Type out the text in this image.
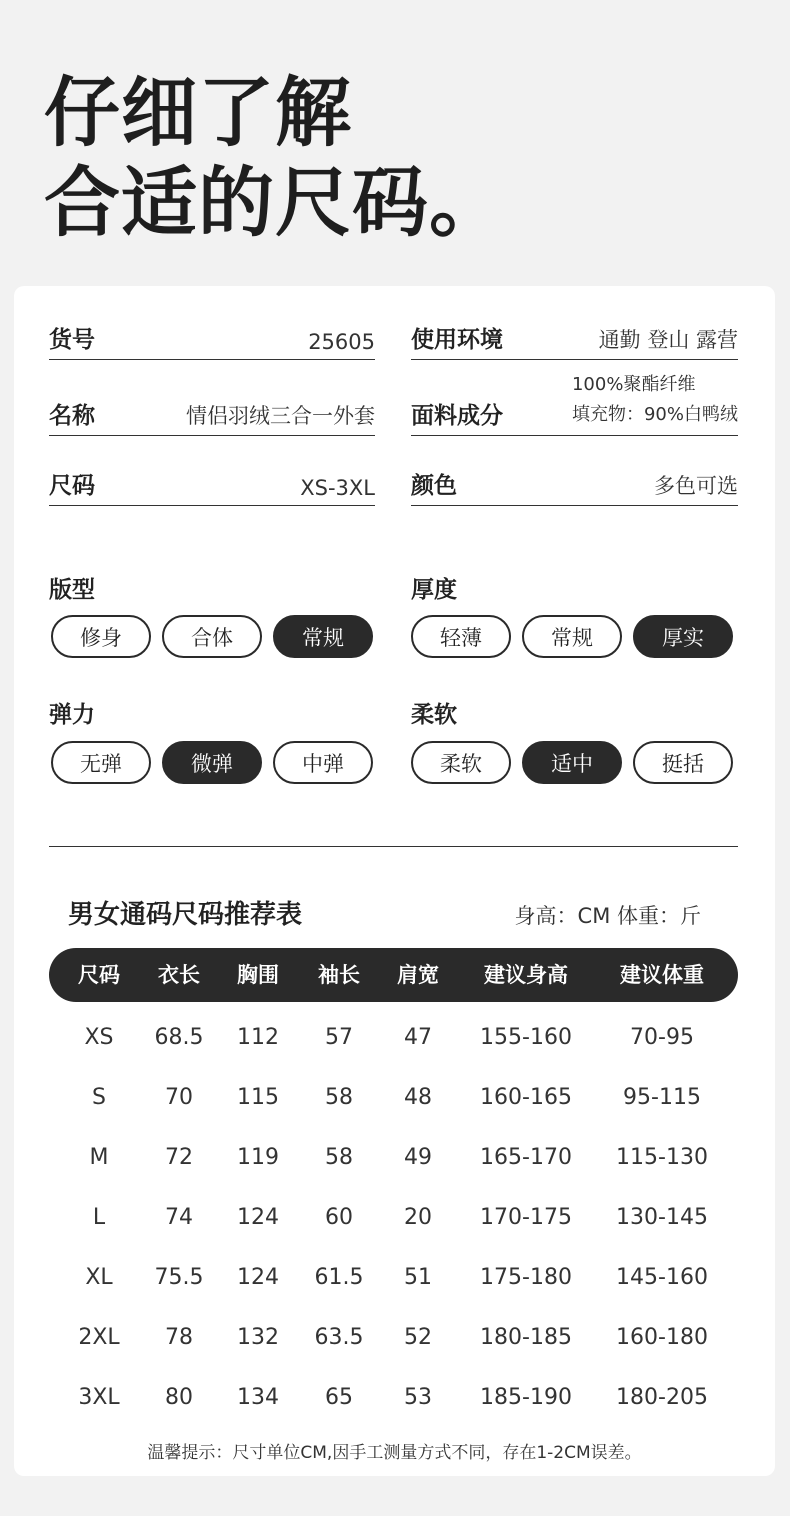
仔细了解
合适的尺码。
货号	25605 使用环境	通勤 登山 露营
名称	情侣羽绒三合一外套 面料成分
100%聚酯纤维
填充物：90%白鸭绒
尺码	XS-3XL 颜色	多色可选
版型
修身	合体	常规
厚度
轻薄	常规	厚实
弹力
无弹	微弹	中弹
柔软
柔软	适中	挺括
男女通码尺码推荐表	身高：CM 体重：斤
尺码 衣长 胸围 袖长 肩宽 建议身高 建议体重
XS 68.5 112 57 47 155-160	70-95
S	70 115 58 48 160-165 95-115
M	72 119 58 49 165-170 115-130
L	74 124 60 20 170-175 130-145
XL 75.5 124 61.5 51 175-180 145-160
2XL 78 132 63.5 52 180-185 160-180
3XL 80 134 65 53 185-190 180-205
温馨提示：尺寸单位CM,因手工测量方式不同，存在1-2CM误差。
